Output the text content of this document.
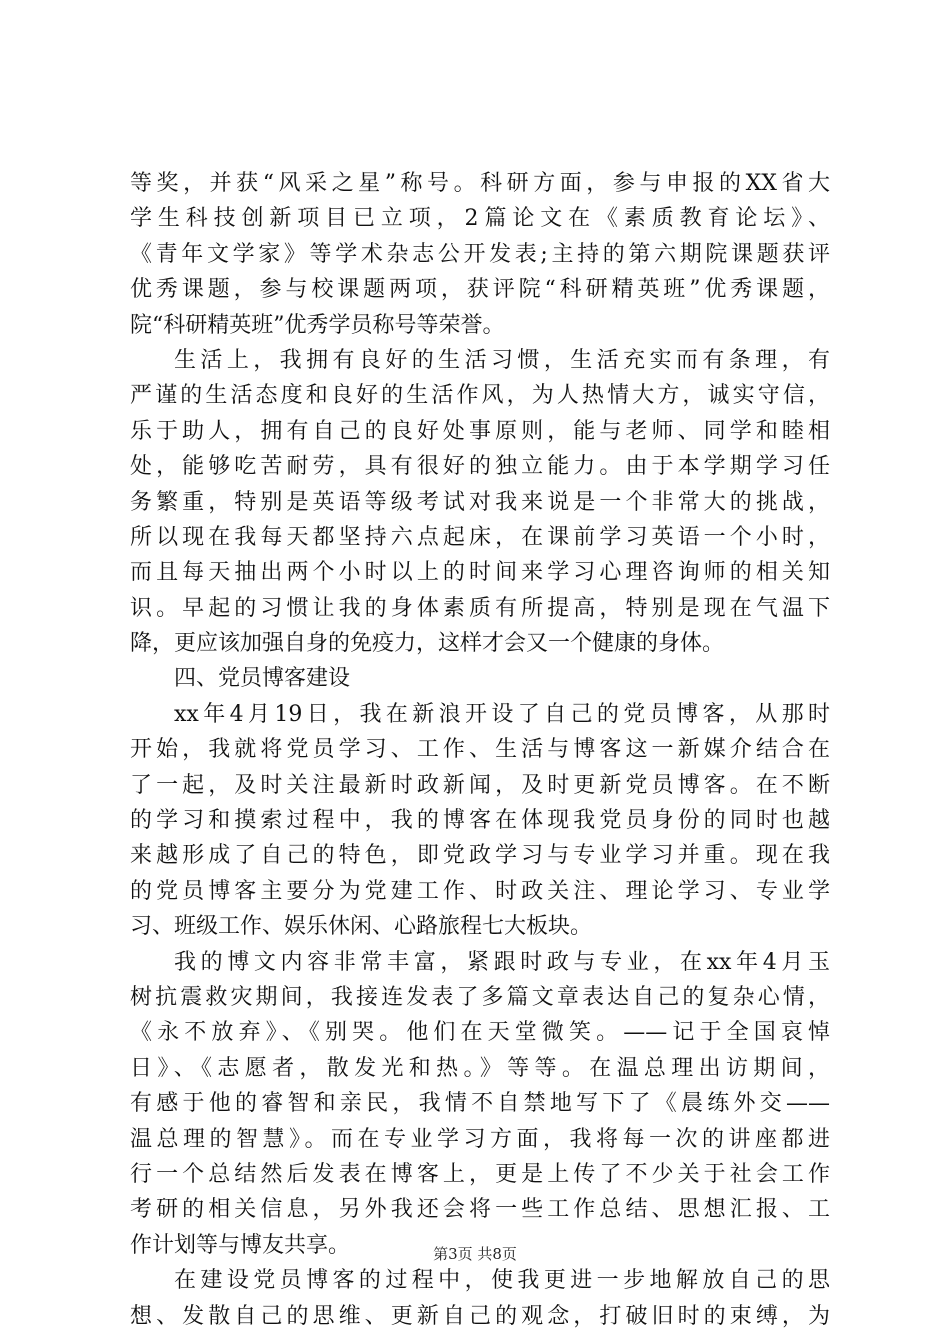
等奖，并获“风采之星”称号。科研方面，参与申报的XX省大
学生科技创新项目已立项，2篇论文在《素质教育论坛》、
《青年文学家》等学术杂志公开发表;主持的第六期院课题获评
优秀课题，参与校课题两项，获评院“科研精英班”优秀课题，
院“科研精英班”优秀学员称号等荣誉。
生活上，我拥有良好的生活习惯，生活充实而有条理，有
严谨的生活态度和良好的生活作风，为人热情大方，诚实守信，
乐于助人，拥有自己的良好处事原则，能与老师、同学和睦相
处，能够吃苦耐劳，具有很好的独立能力。由于本学期学习任
务繁重，特别是英语等级考试对我来说是一个非常大的挑战，
所以现在我每天都坚持六点起床，在课前学习英语一个小时，
而且每天抽出两个小时以上的时间来学习心理咨询师的相关知
识。早起的习惯让我的身体素质有所提高，特别是现在气温下
降，更应该加强自身的免疫力，这样才会又一个健康的身体。
四、党员博客建设
xx年4月19日，我在新浪开设了自己的党员博客，从那时
开始，我就将党员学习、工作、生活与博客这一新媒介结合在
了一起，及时关注最新时政新闻，及时更新党员博客。在不断
的学习和摸索过程中，我的博客在体现我党员身份的同时也越
来越形成了自己的特色，即党政学习与专业学习并重。现在我
的党员博客主要分为党建工作、时政关注、理论学习、专业学
习、班级工作、娱乐休闲、心路旅程七大板块。
我的博文内容非常丰富，紧跟时政与专业，在xx年4月玉
树抗震救灾期间，我接连发表了多篇文章表达自己的复杂心情，
《永不放弃》、《别哭。他们在天堂微笑。——记于全国哀悼
日》、《志愿者，散发光和热。》等等。在温总理出访期间，
有感于他的睿智和亲民，我情不自禁地写下了《晨练外交——
温总理的智慧》。而在专业学习方面，我将每一次的讲座都进
行一个总结然后发表在博客上，更是上传了不少关于社会工作
考研的相关信息，另外我还会将一些工作总结、思想汇报、工
作计划等与博友共享。
在建设党员博客的过程中，使我更进一步地解放自己的思
想、发散自己的思维、更新自己的观念，打破旧时的束缚，为
第3页 共8页
